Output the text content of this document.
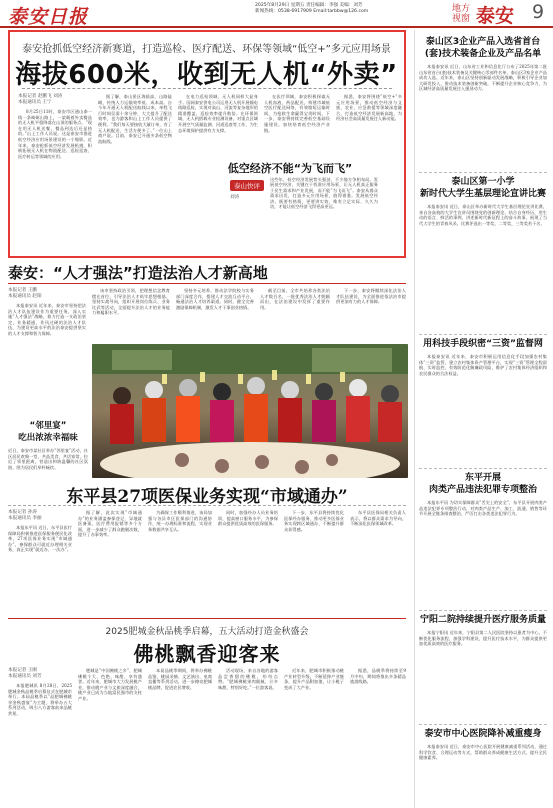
泰安日报
2025年8月29日 星期五 责任编辑：李强 美编：刘芳
新闻热线：0538-6917909 Email:tarbbw@126.com	地方
视窗 泰安 9
泰安抢抓低空经济新赛道，打造巡检、医疗配送、环保等领域“低空+”多元应用场景
海拔600米，收到无人机“外卖”
本报记者 赵鹏飞 刘涛
本报通讯员 王宁
8月25日11时，泰安市区通山泰一线一条崎岖山路上，一架载着外卖餐品的无人机平稳降落在山顶的服务点。“现在用无人机送餐，餐品到达后还是热的。”山上工作人员说。这是泰安市推进低空经济应用场景建设的一个缩影。近年来，泰安抢抓低空经济发展机遇，积极拓展无人机在物流配送、巡检巡查、医疗转运等领域的应用。
据了解，泰山景区海拔高，山路陡峭，传统人力运输效率低、成本高。自今年开通无人机配送航线以来，单程飞行时间仅需十余分钟，大大提升了配送效率，也为游客和山上工作人员提供了便利。“我们每天要接收大量订单，有了无人机配送，生活方便多了。”一位山上商户说。目前，泰安已开通多条低空物流航线。
在电力巡检领域，无人机同样大显身手。国网泰安供电公司运用无人机开展输电线路巡检，实现对高山、河流等复杂地形的精准覆盖，巡检效率提升数倍。在环保领域，无人机搭载专业检测设备，对重点区域开展空气质量监测、河道巡查等工作，为生态环境保护提供有力支撑。
在医疗领域，泰安积极探索无人机血液、药品配送，构建市域低空医疗配送网络，有效缩短运输时间，为抢救生命赢得宝贵时间。下一步，泰安将持续完善低空基础设施建设，加快培育低空经济产业链。
据悉，泰安将围绕“低空+”多元应用场景，推动低空经济与文旅、农业、应急救援等领域深度融合，打造低空经济发展新高地，为经济社会高质量发展注入新动能。
低空经济不能“为飞而飞”
泰山快评
刘涛
这些年，低空经济发展势头强劲，不少地方争相布局。发展低空经济，关键在于找准应用场景，让无人机真正服务于民生需求和产业发展，而不能“为飞而飞”。泰安从群众需求出发，打造多元应用场景，值得借鉴。发展低空经济，既要有热情，更要讲实效，唯有立足实际、久久为功，才能让低空经济飞得更高更远。
泰安：“人才强法”打造法治人才新高地
本报记者 王鹏
本报通讯员 赵阳
本报泰安讯 近年来，泰安市坚持把法治人才队伍建设作为重要任务，深入实施“人才强法”战略，着力打造一支政治坚定、业务精通、作风过硬的法治人才队伍，为建设更高水平的法治泰安提供坚实的人才支撑和智力保障。
该市坚持政治引领，把理想信念教育摆在首位，引导法治人才筑牢思想根基。坚持实战导向，组织开展岗位练兵、业务比武等活动，全面提升法治人才的业务能力和履职水平。
坚持多元培养，推动法学院校与实务部门深度合作，搭建人才交流互动平台，畅通法治人才培养渠道。同时，健全完善激励保障机制，激发人才干事创业热情。
截至目前，全市共培养各类法治人才数百名，一批优秀法治人才脱颖而出，在法治建设中发挥了重要作用。
下一步，泰安将继续深化法治人才队伍建设，为全面推进依法治市提供更加有力的人才保障。
“邻里宴”
吃出浓浓幸福味
近日，泰安市某社区举办“邻里宴”活动，社区居民欢聚一堂，共品美食、共话家常，拉近了邻里距离，营造出和谐温馨的社区氛围。图为居民们举杯畅饮。
东平县27项医保业务实现“市域通办”
本报记者 孙涛
本报通讯员 李丽
本报东平讯 近日，东平县医疗保障局积极推进医保服务便民化改革，27项医保业务实现“市域通办”，参保群众可就近办理相关业务，真正实现“就近办、一次办”。
据了解，此次实现“市域通办”的业务涵盖参保登记、异地就医备案、医疗费用报销等多个方面，进一步减少了群众跑腿次数，提升了办事效率。
为确保工作顺利推进，该局加强与各县市区医保部门的沟通协作，统一办理标准和流程，实现业务数据共享互认。
同时，加强经办人员业务培训，提高窗口服务水平，为参保群众提供优质高效的医保服务。
下一步，东平县将持续优化医保经办服务，推动更多医保业务实现跨区域通办，不断提升群众获得感。
东平县医保局相关负责人表示，将以群众需求为导向，不断深化医保领域改革。
2025肥城金秋品桃季启幕，五大活动打造金秋盛会
佛桃飘香迎客来
本报记者 王刚
本报通讯员 刘芳
本报肥城讯 8月28日，2025肥城金秋品桃季启幕仪式在肥城市举行。本届品桃季以“品肥城佛桃 享金秋盛宴”为主题，将举办五大系列活动，吸引八方游客前来品桃赏景。
肥城是“中国佛桃之乡”，肥城佛桃个大、色艳、味甜，享有盛誉。近年来，肥城市大力发展桃产业，推动桃产业与文旅深度融合，桃产业已成为当地富民强市的支柱产业。
本届品桃季期间，将举办佛桃品鉴、桃园采摘、文艺演出、电商直播等系列活动，进一步擦亮肥城桃品牌，促进农民增收。
活动现场，来自各地的游客品尝香甜的佛桃，纷纷点赞。“肥城佛桃果肉细腻、汁多味甜，特别好吃。”一位游客说。
近年来，肥城市积极推动桃产业转型升级，不断延伸产业链条，提升产品附加值，让小桃子变成了大产业。
据悉，品桃季将持续至9月中旬，期间将推出多条精品旅游线路。
泰山区3企业产品入选省首台(套)技术装备企业及产品名单
本报泰安讯 近日，山东省工业和信息化厅公布了2025年第二批山东省首台(套)技术装备及关键核心零部件名单，泰山区3家企业产品成功入选。近年来，泰山区坚持创新驱动发展战略，积极引导企业加大研发投入，推动技术装备创新突破，不断提升企业核心竞争力，为区域经济高质量发展注入强劲动力。
泰山区第一小学
新时代大学生基层理论宣讲比赛
本报泰安讯 近日，泰山区举办新时代大学生基层理论宣讲比赛，来自各高校的大学生宣讲员围绕党的创新理论，结合自身经历，用生动的语言、鲜活的事例，讲述新时代新征程上的奋斗故事，展现了当代大学生的青春风采。比赛评选出一等奖、二等奖、三等奖若干名。
用科技手段织密“三资”监督网
本报泰安讯 近年来，泰安市积极运用信息化手段加强农村集体“三资”监管，建立农村集体资产管理平台，实现“三资”管理全程留痕、实时监控，有效防范化解廉政风险，维护了农村集体经济组织和农民群众的合法权益。
东平开展
肉类产品违法犯罪专项整治
本报东平讯 为切实保障群众“舌尖上的安全”，东平县开展肉类产品违法犯罪专项整治行动，对肉类产品生产、加工、流通、销售等环节开展全链条排查整治，严厉打击各类违法犯罪行为。
宁阳二院持续提升医疗服务质量
本报宁阳讯 近年来，宁阳县第二人民医院坚持以患者为中心，不断优化服务流程，加强学科建设，提升医疗技术水平，为群众提供更加优质高效的医疗服务。
泰安市中心医院降补减重瘦身
本报泰安讯 近日，泰安市中心医院开展健康减重系列活动，通过科学饮食、合理运动等方式，帮助群众养成健康生活方式，提升全民健康素养。
